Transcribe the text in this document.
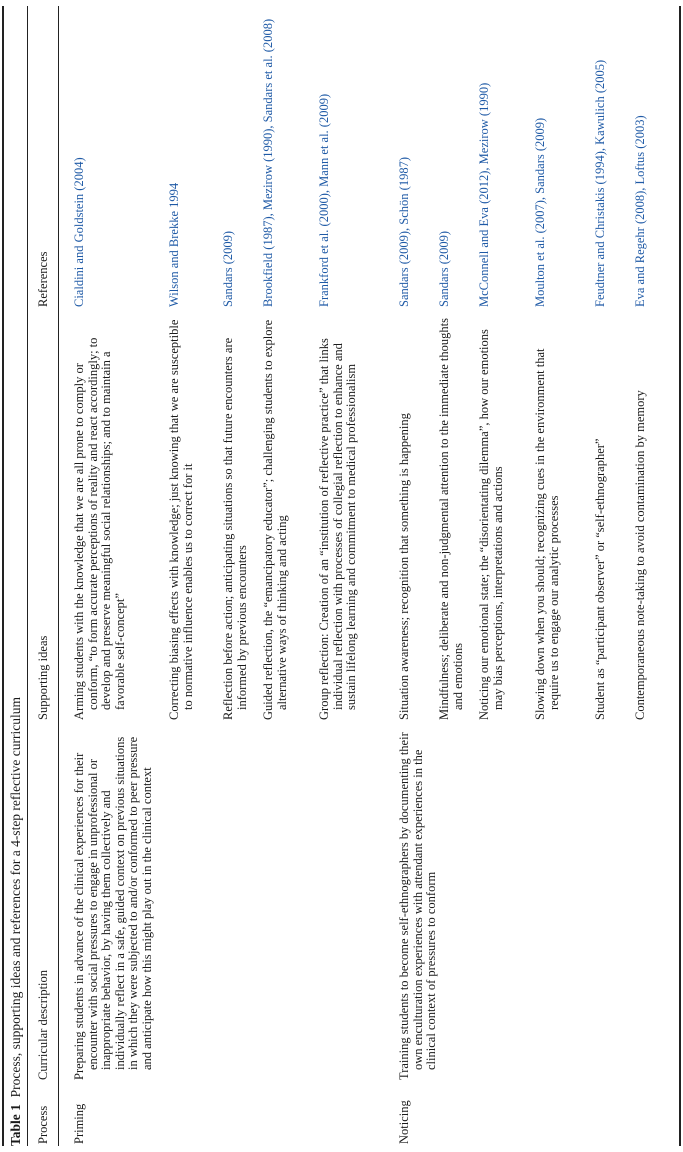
Table 1  Process, supporting ideas and references for a 4-step reflective curriculum
Process
Curricular description
Supporting ideas
References
Priming
Preparing students in advance of the clinical experiences for their encounter with social pressures to engage in unprofessional or inappropriate behavior, by having them collectively and individually reflect in a safe, guided context on previous situations in which they were subjected to and/or conformed to peer pressure and anticipate how this might play out in the clinical context
Arming students with the knowledge that we are all prone to comply or conform, “to form accurate perceptions of reality and react accordingly; to develop and preserve meaningful social relationships; and to maintain a favorable self-concept”
Cialdini and Goldstein (2004)
Correcting biasing effects with knowledge; just knowing that we are susceptible to normative influence enables us to correct for it
Wilson and Brekke 1994
Reflection before action; anticipating situations so that future encounters are informed by previous encounters
Sandars (2009)
Guided reflection, the “emancipatory educator”; challenging students to explore alternative ways of thinking and acting
Brookfield (1987), Mezirow (1990), Sandars et al. (2008)
Group reflection: Creation of an “institution of reflective practice” that links individual reflection with processes of collegial reflection to enhance and sustain lifelong learning and commitment to medical professionalism
Frankford et al. (2000), Mann et al. (2009)
Noticing
Training students to become self-ethnographers by documenting their own enculturation experiences with attendant experiences in the clinical context of pressures to conform
Situation awareness; recognition that something is happening
Sandars (2009), Schön (1987)
Mindfulness; deliberate and non-judgmental attention to the immediate thoughts and emotions
Sandars (2009)
Noticing our emotional state; the “disorientating dilemma”, how our emotions may bias perceptions, interpretations and actions
McConnell and Eva (2012), Mezirow (1990)
Slowing down when you should; recognizing cues in the environment that require us to engage our analytic processes
Moulton et al. (2007), Sandars (2009)
Student as “participant observer” or “self-ethnographer”
Feudtner and Christakis (1994), Kawulich (2005)
Contemporaneous note-taking to avoid contamination by memory
Eva and Regehr (2008), Loftus (2003)
